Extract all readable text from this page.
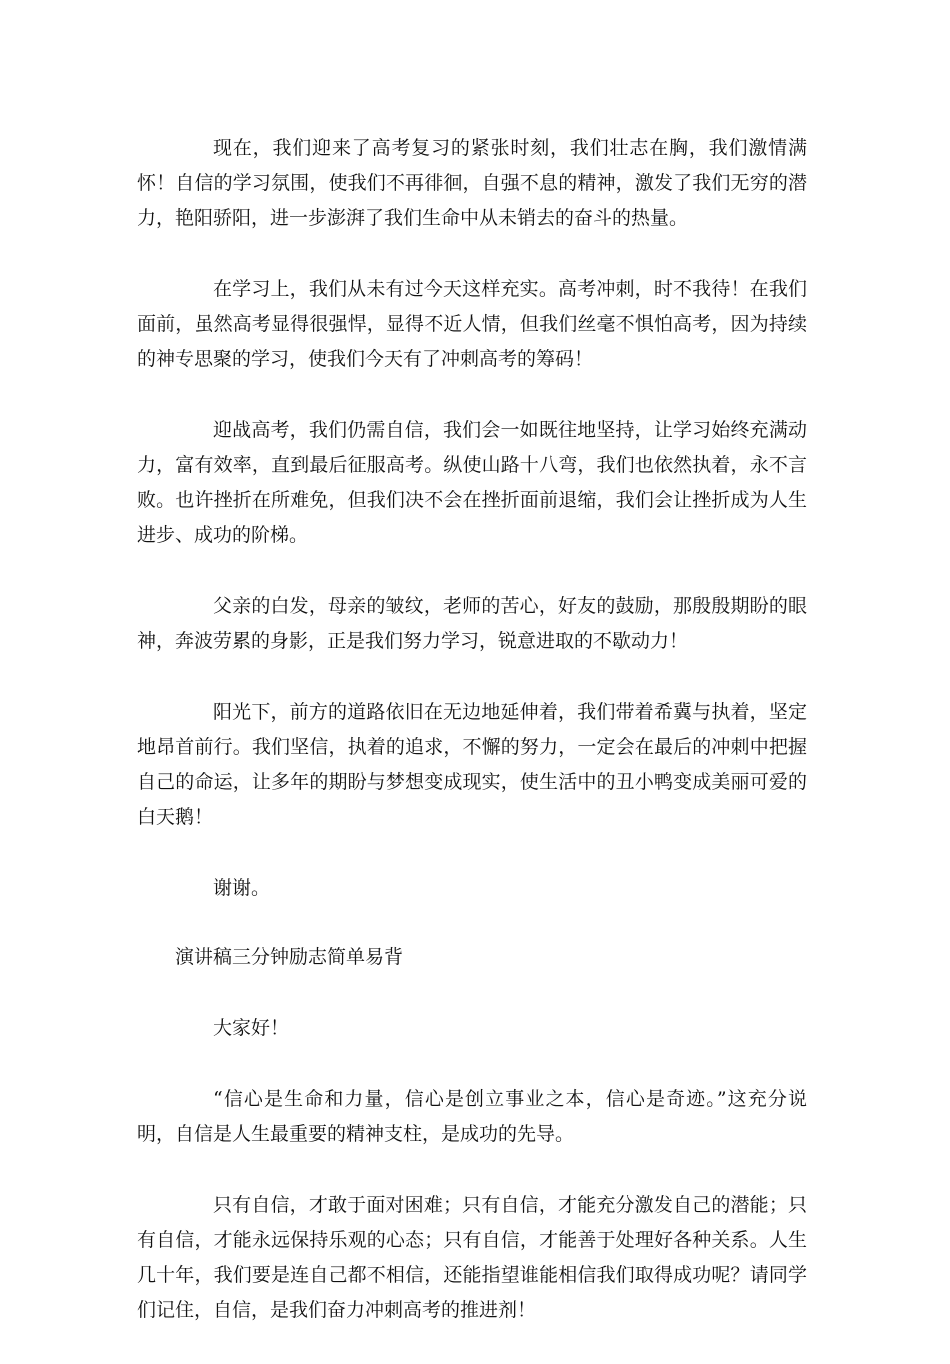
现在，我们迎来了高考复习的紧张时刻，我们壮志在胸，我们激情满怀！自信的学习氛围，使我们不再徘徊，自强不息的精神，激发了我们无穷的潜力，艳阳骄阳，进一步澎湃了我们生命中从未销去的奋斗的热量。

在学习上，我们从未有过今天这样充实。高考冲刺，时不我待！在我们面前，虽然高考显得很强悍，显得不近人情，但我们丝毫不惧怕高考，因为持续的神专思聚的学习，使我们今天有了冲刺高考的筹码！

迎战高考，我们仍需自信，我们会一如既往地坚持，让学习始终充满动力，富有效率，直到最后征服高考。纵使山路十八弯，我们也依然执着，永不言败。也许挫折在所难免，但我们决不会在挫折面前退缩，我们会让挫折成为人生进步、成功的阶梯。

父亲的白发，母亲的皱纹，老师的苦心，好友的鼓励，那殷殷期盼的眼神，奔波劳累的身影，正是我们努力学习，锐意进取的不歇动力！

阳光下，前方的道路依旧在无边地延伸着，我们带着希冀与执着，坚定地昂首前行。我们坚信，执着的追求，不懈的努力，一定会在最后的冲刺中把握自己的命运，让多年的期盼与梦想变成现实，使生活中的丑小鸭变成美丽可爱的白天鹅！

谢谢。

演讲稿三分钟励志简单易背

大家好！

“信心是生命和力量，信心是创立事业之本，信心是奇迹。”这充分说明，自信是人生最重要的精神支柱，是成功的先导。

只有自信，才敢于面对困难；只有自信，才能充分激发自己的潜能；只有自信，才能永远保持乐观的心态；只有自信，才能善于处理好各种关系。人生几十年，我们要是连自己都不相信，还能指望谁能相信我们取得成功呢？请同学们记住，自信，是我们奋力冲刺高考的推进剂！
